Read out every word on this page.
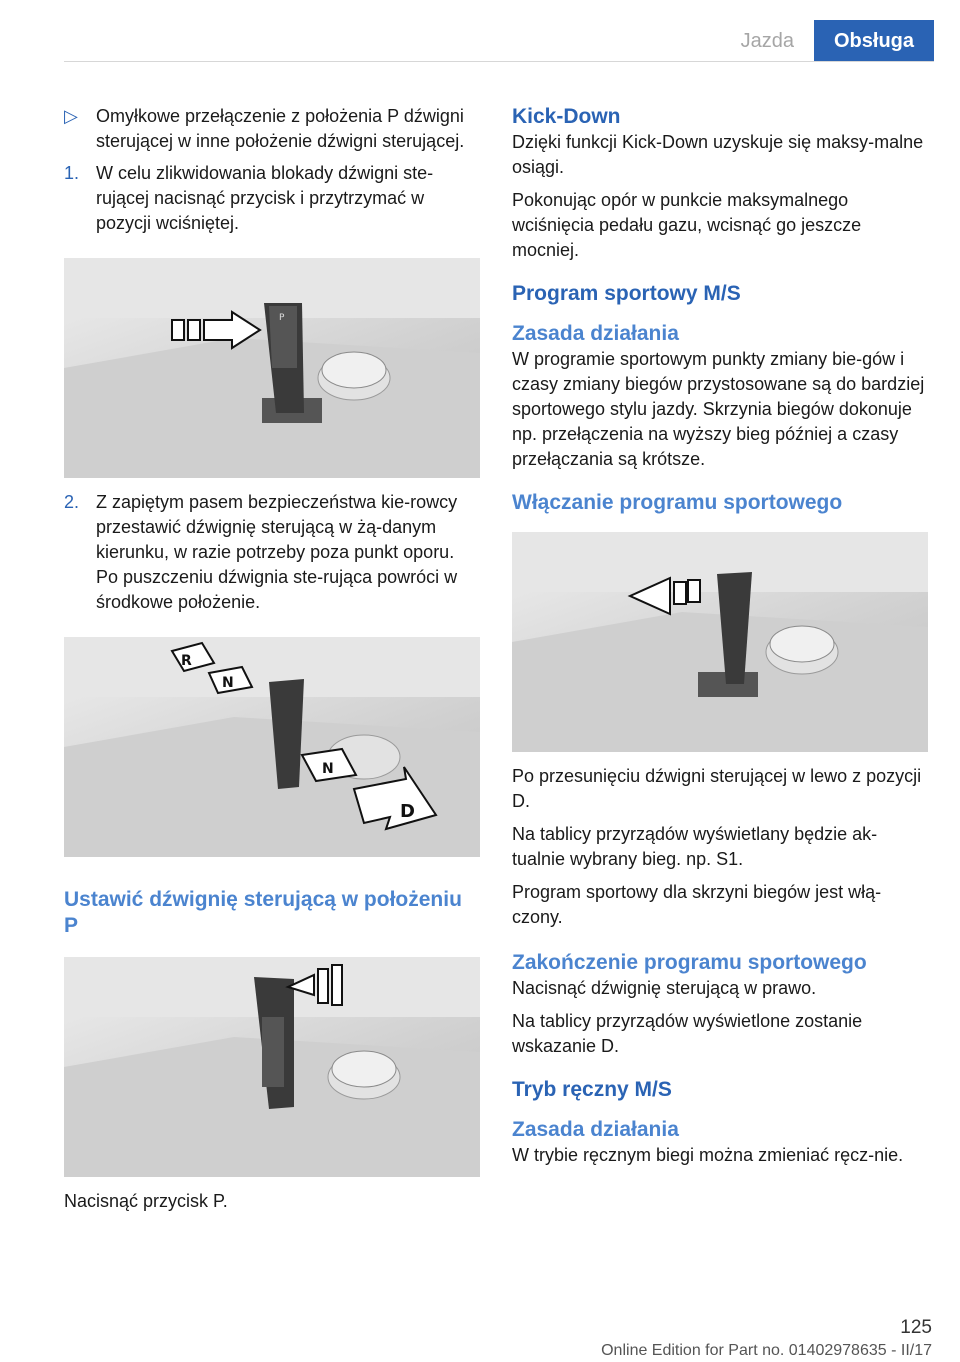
Jazda	Obsługa
▷	Omyłkowe przełączenie z położenia P dźwigni sterującej w inne położenie dźwigni sterującej.
1. W celu zlikwidowania blokady dźwigni ste‐rującej nacisnąć przycisk i przytrzymać w pozycji wciśniętej.
P
2. Z zapiętym pasem bezpieczeństwa kie‐rowcy przestawić dźwignię sterującą w żą‐danym kierunku, w razie potrzeby poza punkt oporu. Po puszczeniu dźwignia ste‐rująca powróci w środkowe położenie.
R
N
N
D
Ustawić dźwignię sterującą w położeniu P

Nacisnąć przycisk P.

Kick-Down

Dzięki funkcji Kick-Down uzyskuje się maksy‐malne osiągi.

Pokonując opór w punkcie maksymalnego wciśnięcia pedału gazu, wcisnąć go jeszcze mocniej.

Program sportowy M/S
Zasada działania

W programie sportowym punkty zmiany bie‐gów i czasy zmiany biegów przystosowane są do bardziej sportowego stylu jazdy. Skrzynia biegów dokonuje np. przełączenia na wyższy bieg później a czasy przełączania są krótsze.

Włączanie programu sportowego

Po przesunięciu dźwigni sterującej w lewo z pozycji D.

Na tablicy przyrządów wyświetlany będzie ak‐tualnie wybrany bieg. np. S1.

Program sportowy dla skrzyni biegów jest włą‐czony.

Zakończenie programu sportowego

Nacisnąć dźwignię sterującą w prawo.

Na tablicy przyrządów wyświetlone zostanie wskazanie D.

Tryb ręczny M/S
Zasada działania

W trybie ręcznym biegi można zmieniać ręcz‐nie.

125
Online Edition for Part no. 01402978635 - II/17
